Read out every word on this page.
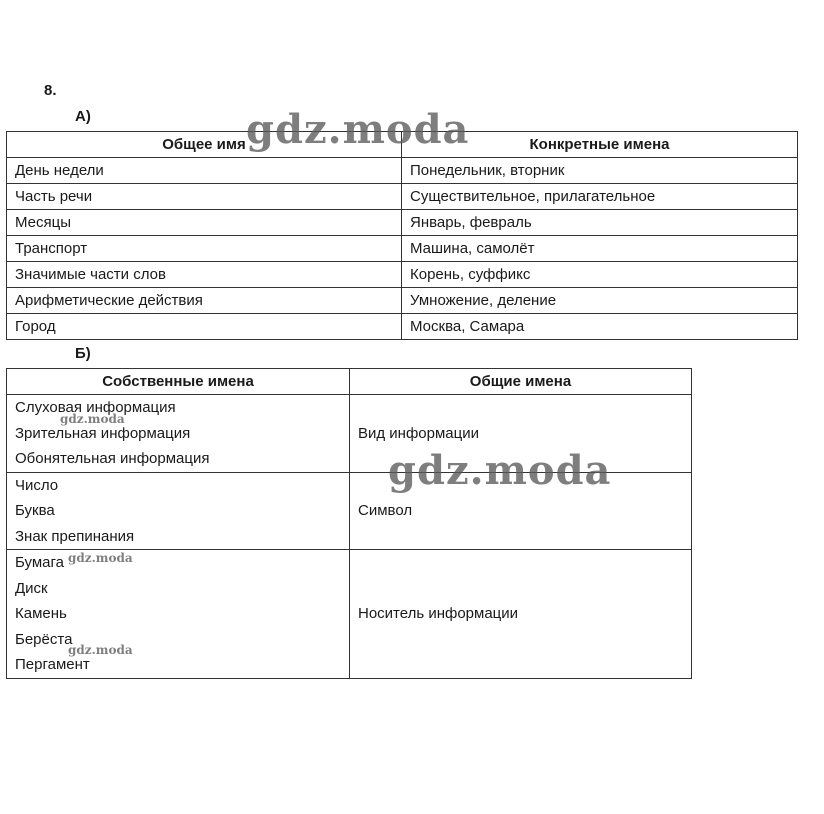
8.
А)
Общее имя	Конкретные имена
День недели	Понедельник, вторник
Часть речи	Существительное, прилагательное
Месяцы	Январь, февраль
Транспорт	Машина, самолёт
Значимые части слов	Корень, суффикс
Арифметические действия	Умножение, деление
Город	Москва, Самара
Б)
Собственные имена	Общие имена

Слуховая информация
Зрительная информация
Обонятельная информация	Вид информации

Число
Буква
Знак препинания	Символ

Бумага
Диск
Камень
Берёста
Пергамент	Носитель информации
gdz.moda
gdz.moda
gdz.moda
gdz.moda
gdz.moda
